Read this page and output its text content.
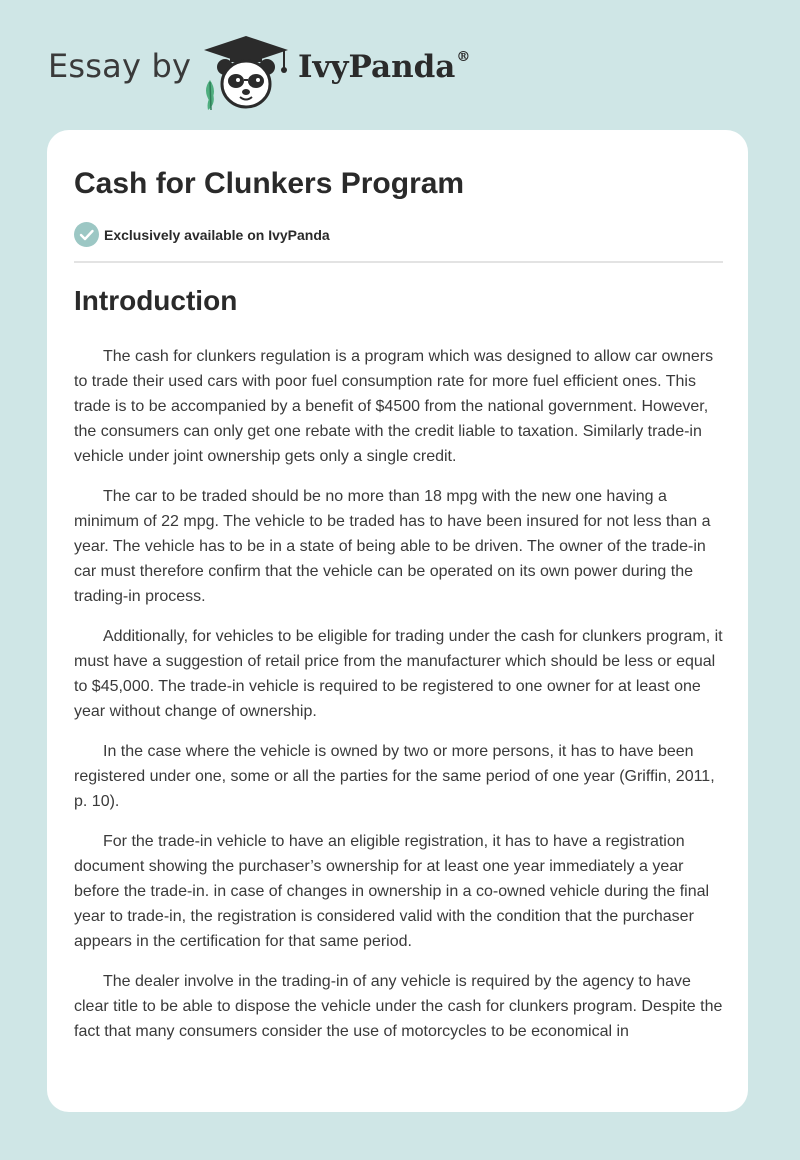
Essay by	IvyPanda®
Cash for Clunkers Program
Exclusively available on IvyPanda
Introduction

The cash for clunkers regulation is a program which was designed to allow car owners to trade their used cars with poor fuel consumption rate for more fuel efficient ones. This trade is to be accompanied by a benefit of $4500 from the national government. However, the consumers can only get one rebate with the credit liable to taxation. Similarly trade-in vehicle under joint ownership gets only a single credit.

The car to be traded should be no more than 18 mpg with the new one having a minimum of 22 mpg. The vehicle to be traded has to have been insured for not less than a year. The vehicle has to be in a state of being able to be driven. The owner of the trade-in car must therefore confirm that the vehicle can be operated on its own power during the trading-in process.

Additionally, for vehicles to be eligible for trading under the cash for clunkers program, it must have a suggestion of retail price from the manufacturer which should be less or equal to $45,000. The trade-in vehicle is required to be registered to one owner for at least one year without change of ownership.

In the case where the vehicle is owned by two or more persons, it has to have been registered under one, some or all the parties for the same period of one year (Griffin, 2011, p. 10).

For the trade-in vehicle to have an eligible registration, it has to have a registration document showing the purchaser’s ownership for at least one year immediately a year before the trade-in. in case of changes in ownership in a co-owned vehicle during the final year to trade-in, the registration is considered valid with the condition that the purchaser appears in the certification for that same period.

The dealer involve in the trading-in of any vehicle is required by the agency to have clear title to be able to dispose the vehicle under the cash for clunkers program. Despite the fact that many consumers consider the use of motorcycles to be economical in
